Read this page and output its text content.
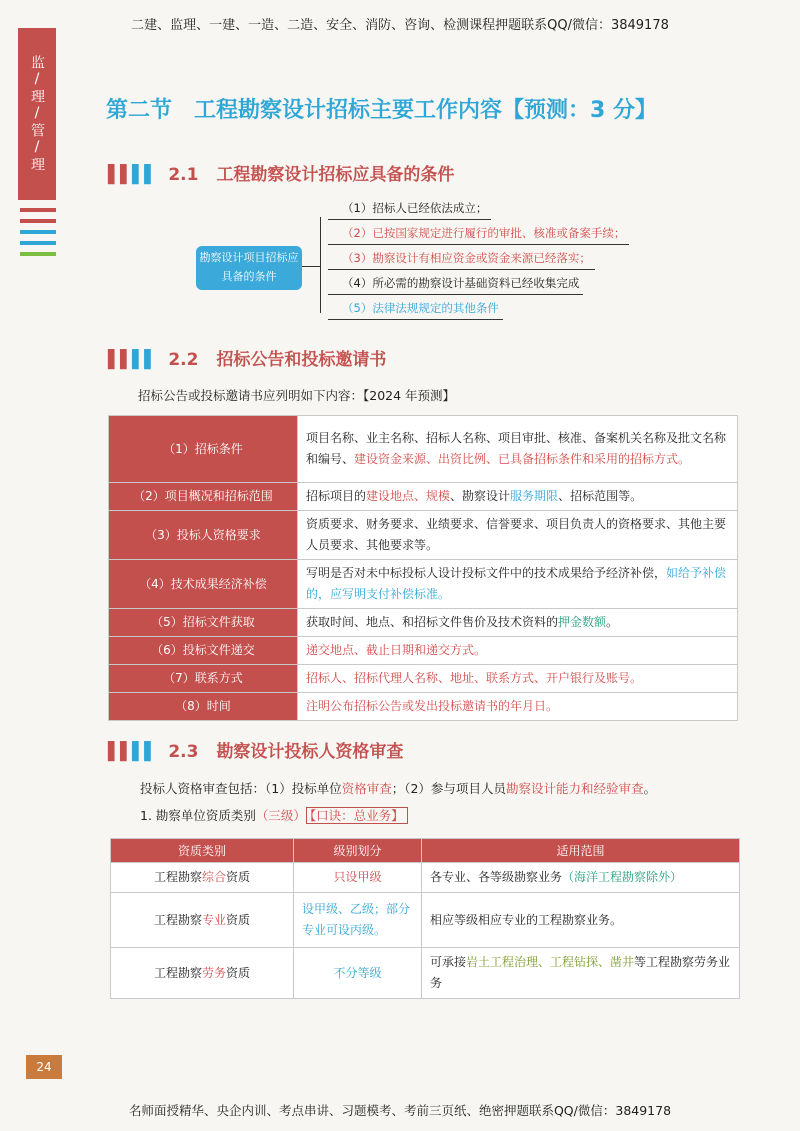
二建、监理、一建、一造、二造、安全、消防、咨询、检测课程押题联系QQ/微信：3849178
监/理/管/理	第二节　工程勘察设计招标主要工作内容【预测：3 分】
▌▌▌▌ 2.1 工程勘察设计招标应具备的条件
勘察设计项目招标应具备的条件
（1）招标人已经依法成立；
（2）已按国家规定进行履行的审批、核准或备案手续；
（3）勘察设计有相应资金或资金来源已经落实；
（4）所必需的勘察设计基础资料已经收集完成
（5）法律法规规定的其他条件
▌▌▌▌ 2.2 招标公告和投标邀请书
招标公告或投标邀请书应列明如下内容：【2024 年预测】
（1）招标条件	项目名称、业主名称、招标人名称、项目审批、核准、备案机关名称及批文名称和编号、建设资金来源、出资比例、已具备招标条件和采用的招标方式。
（2）项目概况和招标范围	招标项目的建设地点、规模、勘察设计服务期限、招标范围等。
（3）投标人资格要求	资质要求、财务要求、业绩要求、信誉要求、项目负责人的资格要求、其他主要人员要求、其他要求等。
（4）技术成果经济补偿	写明是否对未中标投标人设计投标文件中的技术成果给予经济补偿，如给予补偿的，应写明支付补偿标准。
（5）招标文件获取	获取时间、地点、和招标文件售价及技术资料的押金数额。
（6）投标文件递交	递交地点、截止日期和递交方式。
（7）联系方式	招标人、招标代理人名称、地址、联系方式、开户银行及账号。
（8）时间	注明公布招标公告或发出投标邀请书的年月日。
▌▌▌▌ 2.3 勘察设计投标人资格审查
投标人资格审查包括：（1）投标单位资格审查；（2）参与项目人员勘察设计能力和经验审查。
1. 勘察单位资质类别（三级） 【口诀：总业务】
资质类别	级别划分	适用范围
工程勘察综合资质	只设甲级	各专业、各等级勘察业务（海洋工程勘察除外）
工程勘察专业资质	设甲级、乙级；部分专业可设丙级。	相应等级相应专业的工程勘察业务。
工程勘察劳务资质	不分等级	可承接岩土工程治理、工程钻探、凿井等工程勘察劳务业务
24
名师面授精华、央企内训、考点串讲、习题模考、考前三页纸、绝密押题联系QQ/微信：3849178
